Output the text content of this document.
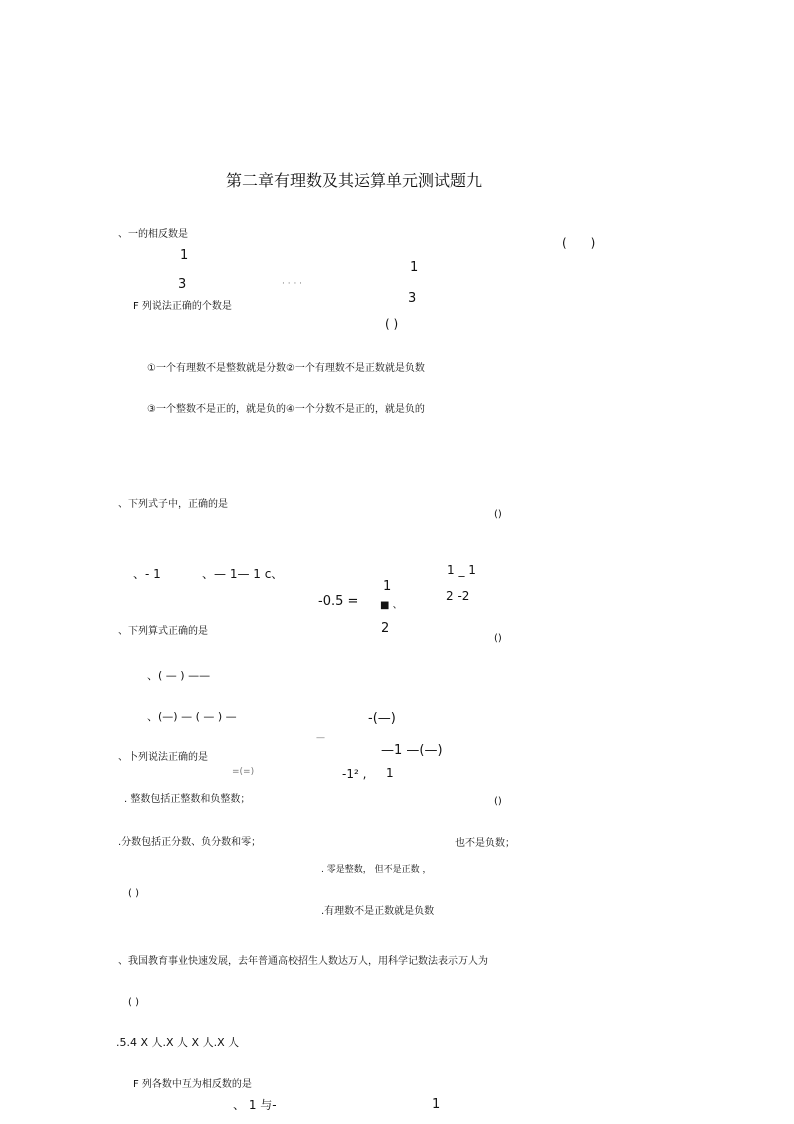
第二章有理数及其运算单元测试题九
、一的相反数是
(　　)
1
3	· · · ·
1
3
F 列说法正确的个数是
( )
①一个有理数不是整数就是分数②一个有理数不是正数就是负数
③一个整数不是正的，就是负的④一个分数不是正的，就是负的
、下列式子中，正确的是
()
、- 1	、— 1— 1 c、
-0.5 =
1
■ 、
2
1 _ 1
2 -2
、下列算式正确的是
()
、( — ) ——
、(—) — ( — ) —	-(—)
—
—1 —(—)
、卜列说法正确的是
=(=)	-1² , 1
. 整数包括正整数和负整数；	()
.分数包括正分数、负分数和零；	也不是负数；
. 零是整数， 但不是正数 ，
( )
.有理数不是正数就是负数
、我国教育事业快速发展，去年普通高校招生人数达万人，用科学记数法表示万人为
( )
.5.4 X 人.X 人 X 人.X 人
F 列各数中互为相反数的是
、 1 与-	1
